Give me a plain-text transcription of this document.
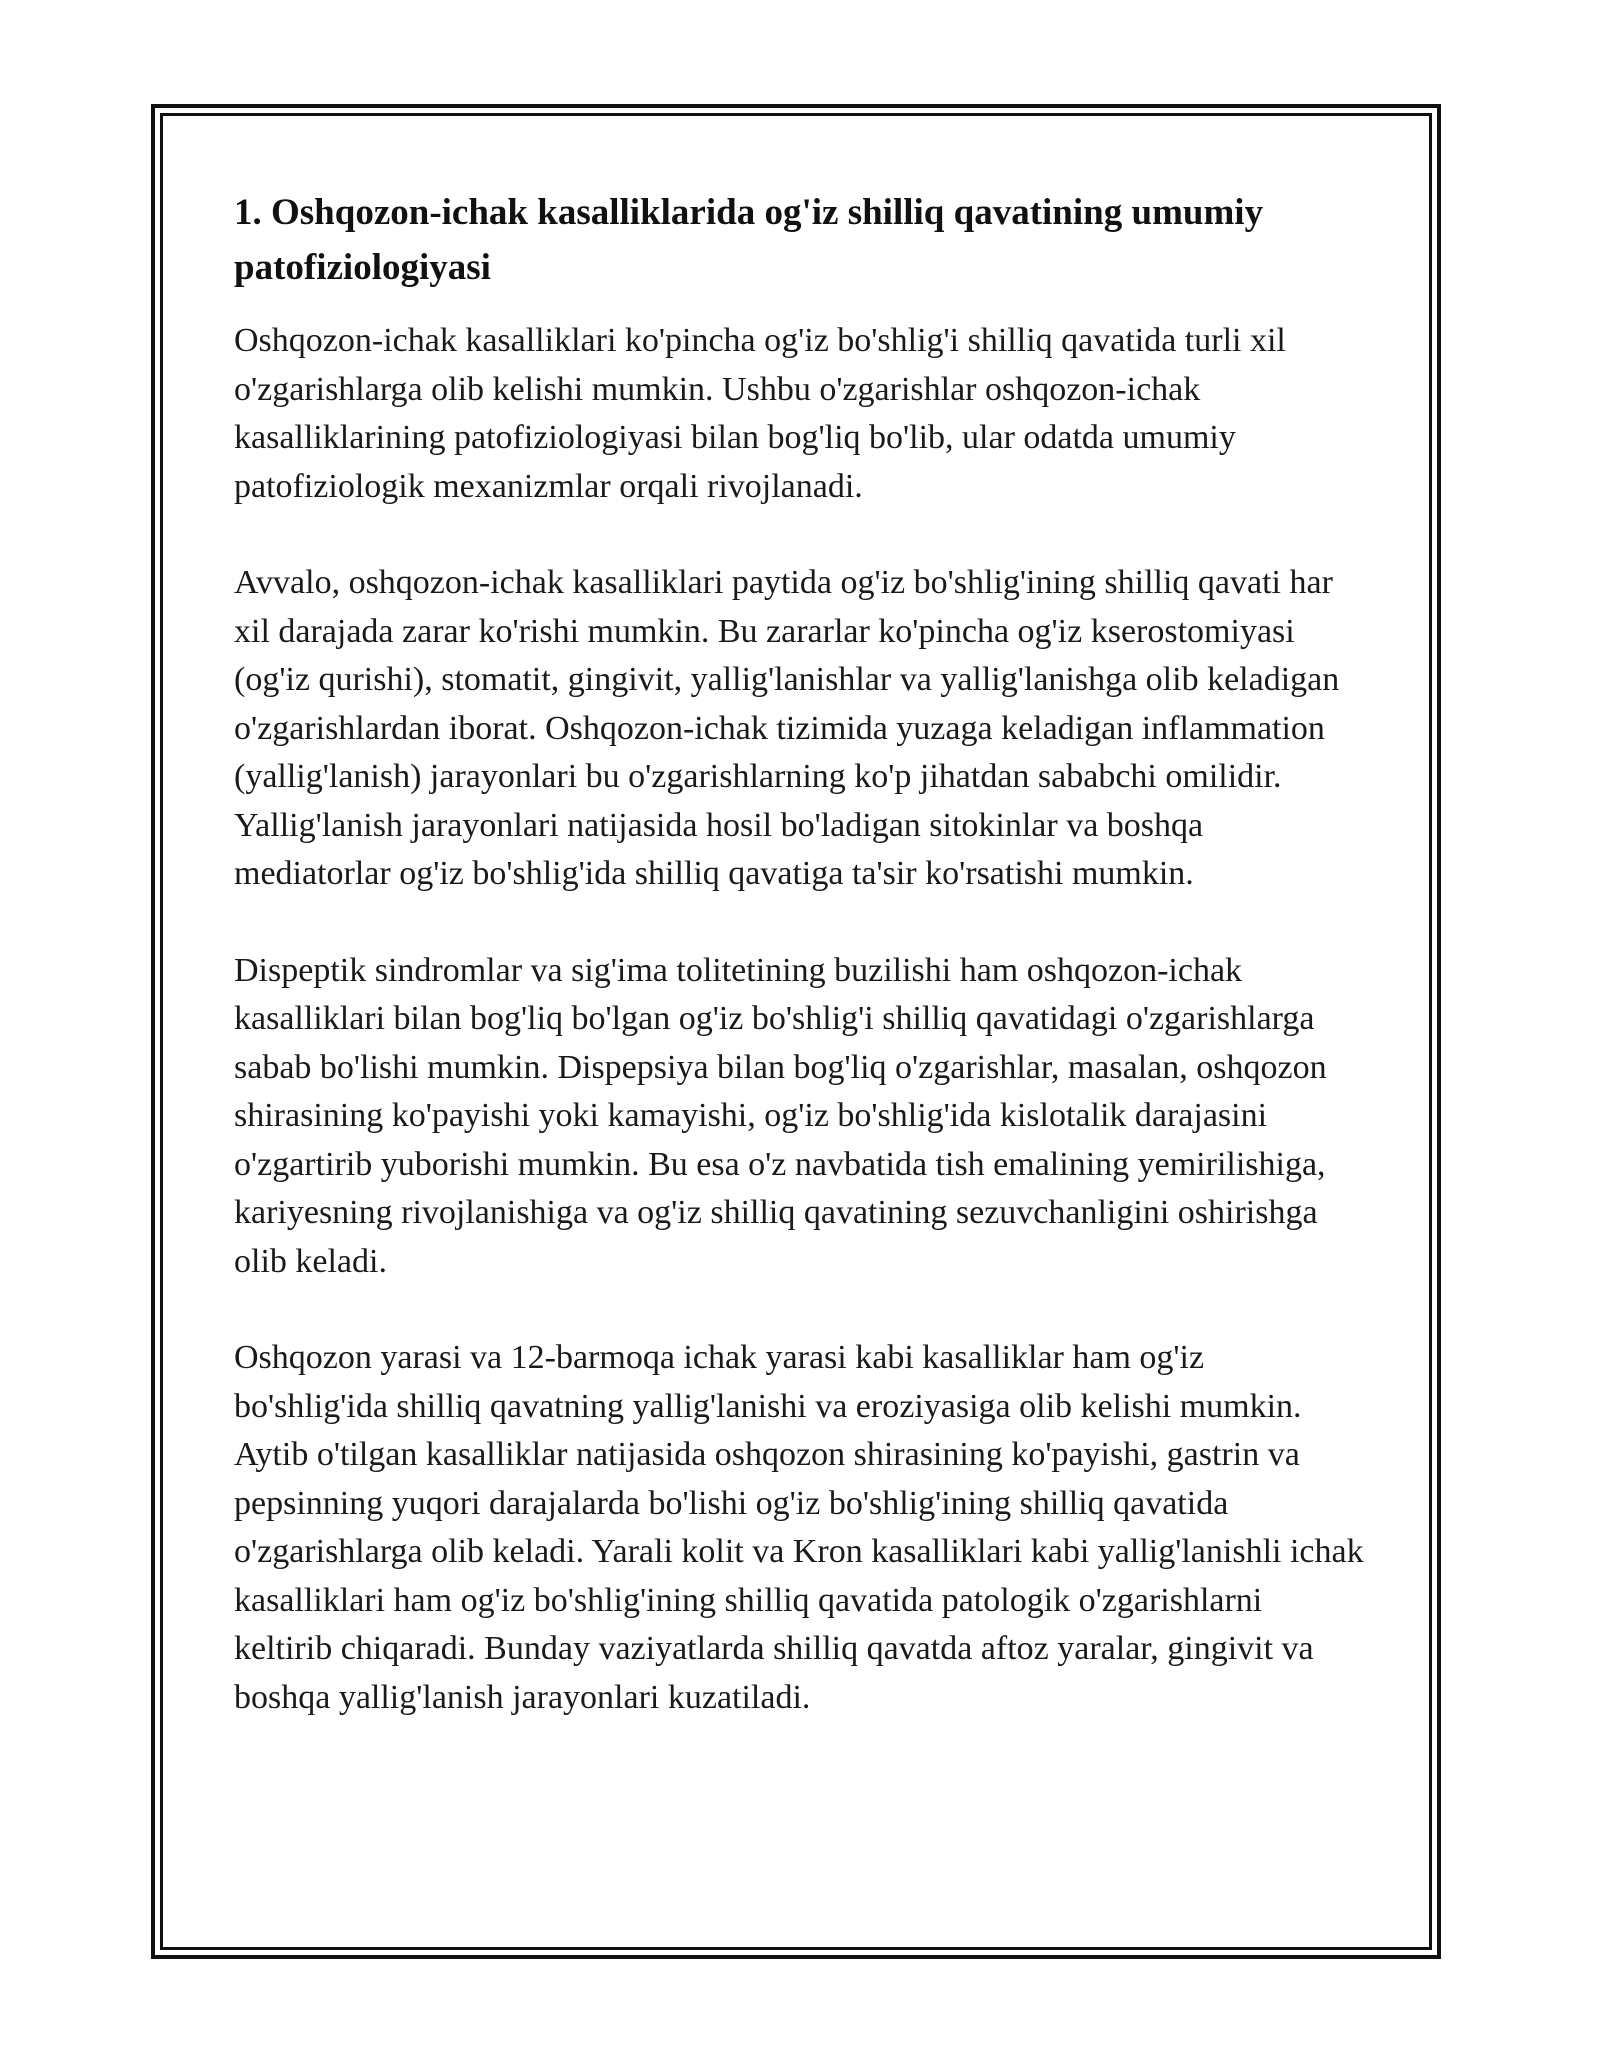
1. Oshqozon-ichak kasalliklarida og'iz shilliq qavatining umumiy patofiziologiyasi

Oshqozon-ichak kasalliklari ko'pincha og'iz bo'shlig'i shilliq qavatida turli xil o'zgarishlarga olib kelishi mumkin. Ushbu o'zgarishlar oshqozon-ichak kasalliklarining patofiziologiyasi bilan bog'liq bo'lib, ular odatda umumiy patofiziologik mexanizmlar orqali rivojlanadi.

Avvalo, oshqozon-ichak kasalliklari paytida og'iz bo'shlig'ining shilliq qavati har xil darajada zarar ko'rishi mumkin. Bu zararlar ko'pincha og'iz kserostomiyasi (og'iz qurishi), stomatit, gingivit, yallig'lanishlar va yallig'lanishga olib keladigan o'zgarishlardan iborat. Oshqozon-ichak tizimida yuzaga keladigan inflammation (yallig'lanish) jarayonlari bu o'zgarishlarning ko'p jihatdan sababchi omilidir. Yallig'lanish jarayonlari natijasida hosil bo'ladigan sitokinlar va boshqa mediatorlar og'iz bo'shlig'ida shilliq qavatiga ta'sir ko'rsatishi mumkin.

Dispeptik sindromlar va sig'ima tolitetining buzilishi ham oshqozon-ichak kasalliklari bilan bog'liq bo'lgan og'iz bo'shlig'i shilliq qavatidagi o'zgarishlarga sabab bo'lishi mumkin. Dispepsiya bilan bog'liq o'zgarishlar, masalan, oshqozon shirasining ko'payishi yoki kamayishi, og'iz bo'shlig'ida kislotalik darajasini o'zgartirib yuborishi mumkin. Bu esa o'z navbatida tish emalining yemirilishiga, kariyesning rivojlanishiga va og'iz shilliq qavatining sezuvchanligini oshirishga olib keladi.

Oshqozon yarasi va 12-barmoqa ichak yarasi kabi kasalliklar ham og'iz bo'shlig'ida shilliq qavatning yallig'lanishi va eroziyasiga olib kelishi mumkin. Aytib o'tilgan kasalliklar natijasida oshqozon shirasining ko'payishi, gastrin va pepsinning yuqori darajalarda bo'lishi og'iz bo'shlig'ining shilliq qavatida o'zgarishlarga olib keladi. Yarali kolit va Kron kasalliklari kabi yallig'lanishli ichak kasalliklari ham og'iz bo'shlig'ining shilliq qavatida patologik o'zgarishlarni keltirib chiqaradi. Bunday vaziyatlarda shilliq qavatda aftoz yaralar, gingivit va boshqa yallig'lanish jarayonlari kuzatiladi.
